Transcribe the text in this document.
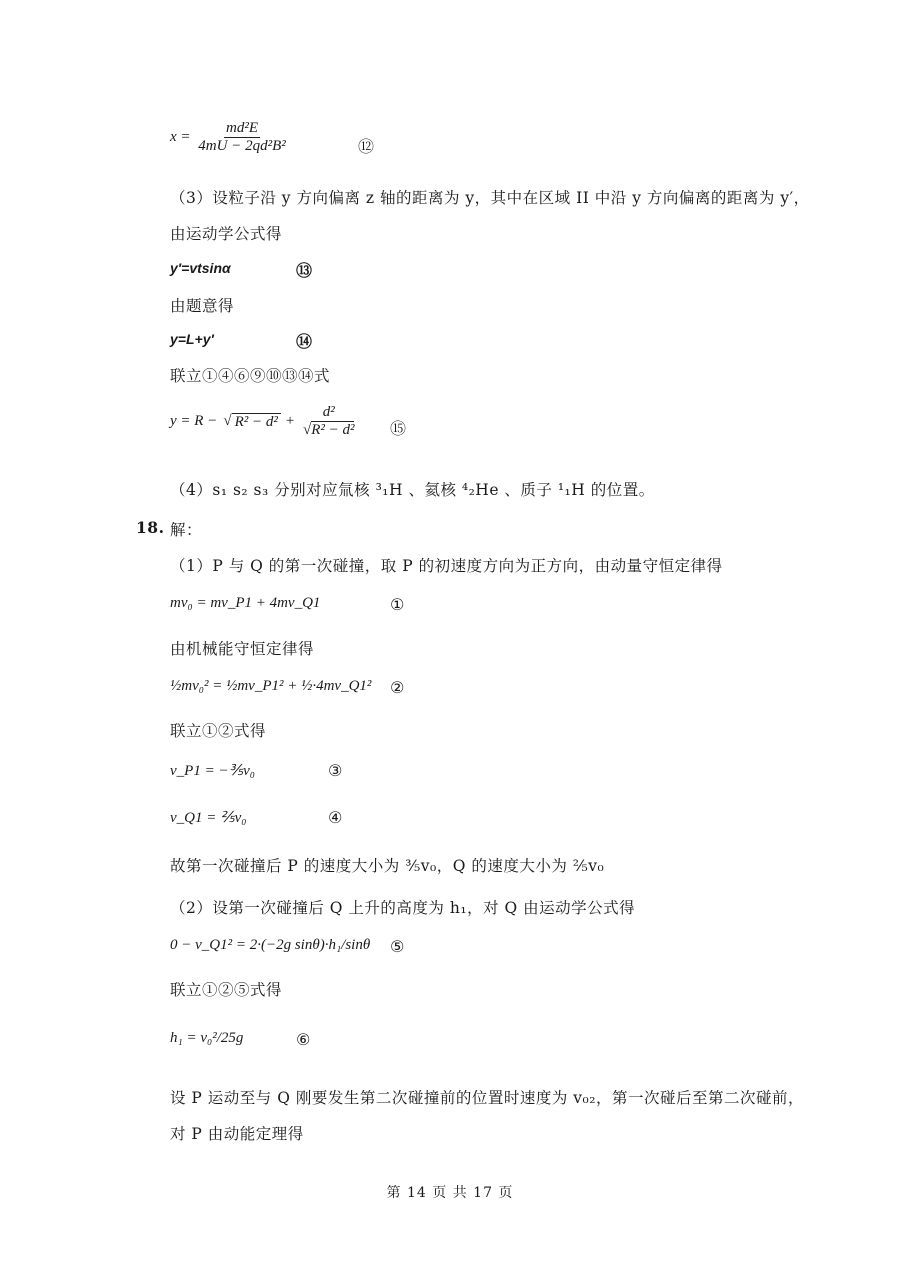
$x = \frac{\text{md²E}}{\text{4mU − 2qd²B²}}$	⑫
（3）设粒子沿 y 方向偏离 z 轴的距离为 y，其中在区域 II 中沿 y 方向偏离的距离为 y′，
由运动学公式得
y′=vtsinα	⑬
由题意得
y=L+y′	⑭
联立①④⑥⑨⑩⑬⑭式
y = R − √ $R^2 - d^2 + \frac{\text{d²}}{\text{√R² − d²}}$ ⑮
（4）s₁ s₂ s₃ 分别对应氚核 ³₁H 、氦核 ⁴₂He 、质子 ¹₁H 的位置。
18. 解：
（1）P 与 Q 的第一次碰撞，取 P 的初速度方向为正方向，由动量守恒定律得
mv₀ = mv_P1 + 4mv_Q1	①
由机械能守恒定律得
½mv₀² = ½mv_P1² + ½·4mv_Q1² ②
联立①②式得
v_P1 = −⅗v₀	③
v_Q1 = ⅖v₀	④
故第一次碰撞后 P 的速度大小为 ⅗v₀，Q 的速度大小为 ⅖v₀
（2）设第一次碰撞后 Q 上升的高度为 h₁，对 Q 由运动学公式得
0 − v_Q1² = 2·(−2g sinθ)·h₁/sinθ ⑤
联立①②⑤式得
h₁ = v₀²/25g	⑥
设 P 运动至与 Q 刚要发生第二次碰撞前的位置时速度为 v₀₂，第一次碰后至第二次碰前，
对 P 由动能定理得
第 14 页 共 17 页
